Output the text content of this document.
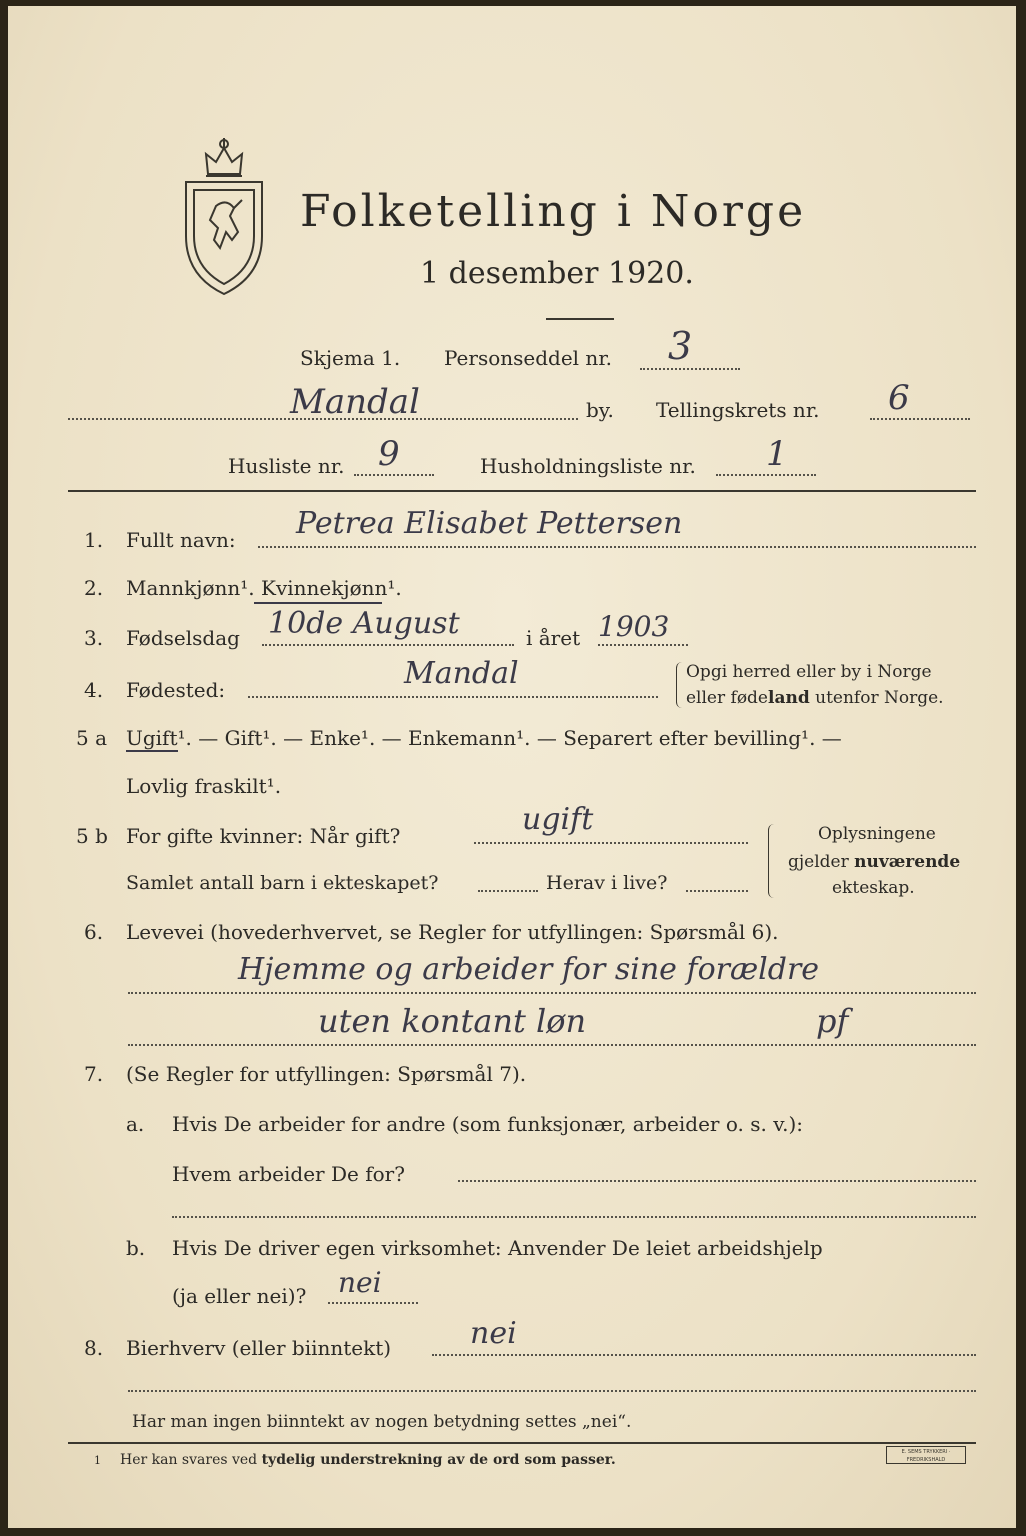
Folketelling i Norge
1 desember 1920.
Skjema 1. Personseddel nr. 3
Mandal	by. Tellingskrets nr. 6
Husliste nr. 9	Husholdningsliste nr. 1
1. Fullt navn: Petrea Elisabet Pettersen
2. Mannkjønn¹. Kvinnekjønn¹.
3. Fødselsdag 10de August	i året 1903
4. Fødested:	Mandal	Opgi herred eller by i Norge
eller fødeland utenfor Norge.
5 a Ugift¹. — Gift¹. — Enke¹. — Enkemann¹. — Separert efter bevilling¹. —
Lovlig fraskilt¹.
5 b For gifte kvinner: Når gift?	ugift
Samlet antall barn i ekteskapet?	Herav i live?
Oplysningene
gjelder nuværende
ekteskap.
6. Levevei (hovederhvervet, se Regler for utfyllingen: Spørsmål 6).
Hjemme og arbeider for sine forældre
uten kontant løn	pf
7. (Se Regler for utfyllingen: Spørsmål 7).
a. Hvis De arbeider for andre (som funksjonær, arbeider o. s. v.):
Hvem arbeider De for?
b. Hvis De driver egen virksomhet: Anvender De leiet arbeidshjelp
(ja eller nei)? nei
8. Bierhverv (eller biinntekt)	nei
Har man ingen biinntekt av nogen betydning settes „nei“.
1 Her kan svares ved tydelig understrekning av de ord som passer.	E. SEMS TRYKKERI · FREDRIKSHALD
